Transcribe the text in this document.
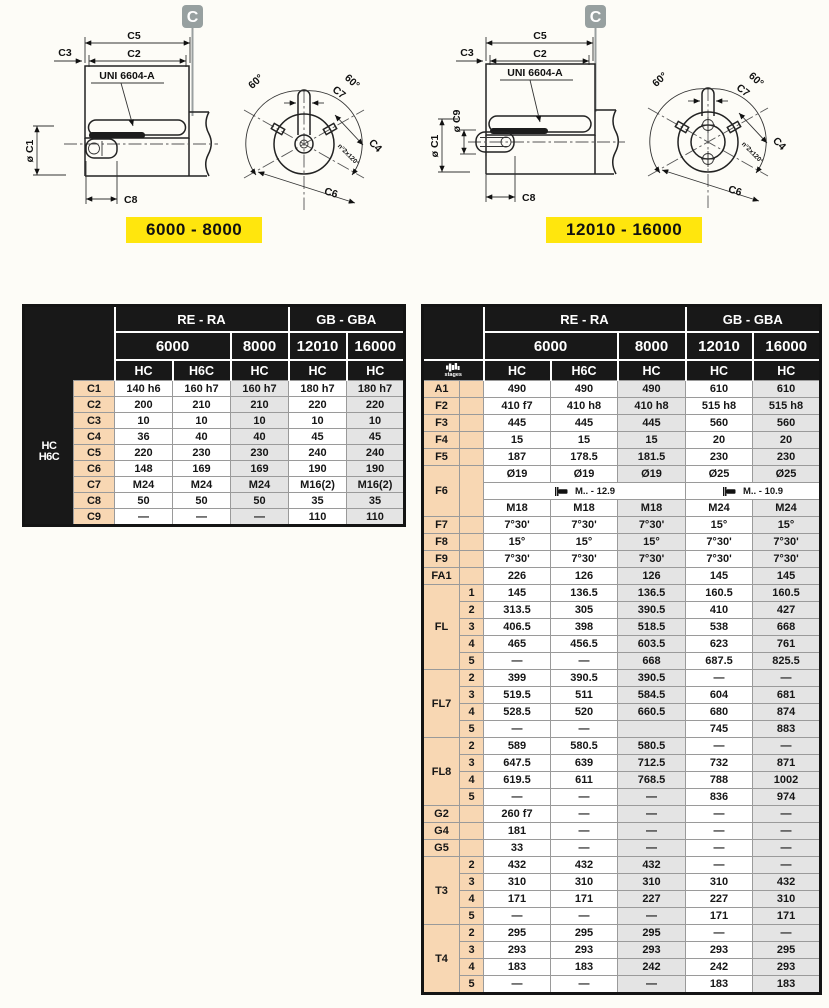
C
C5
C2
C3
ø C1
C8
UNI 6604-A	60°	60°
C7
C4
n°2x120°
C6
C
C5
C2
C3
ø C1
ø C9
C8
UNI 6604-A	60°	60°
C7
C4
n°2x120°
C6
6000 - 8000	12010 - 16000
		RE - RA			GB - GBA	
		6000		8000	12010	16000
		HC	H6C	HC	HC	HC

HC
H6C	C1	140 h6	160 h7	160 h7	180 h7	180 h7
	C2	200	210	210	220	220
	C3	10	10	10	10	10
	C4	36	40	40	45	45
	C5	220	230	230	240	240
	C6	148	169	169	190	190
	C7	M24	M24	M24	M16(2)	M16(2)
	C8	50	50	50	35	35
	C9	—	—	—	110	110
		RE - RA			GB - GBA	
		6000		8000	12010	16000

stages		HC	H6C	HC	HC	HC
A1		490	490	490	610	610
F2		410 f7	410 h8	410 h8	515 h8	515 h8
F3		445	445	445	560	560
F4		15	15	15	20	20
F5		187	178.5	181.5	230	230
F6		Ø19	Ø19	Ø19	Ø25	Ø25

		M.. - 12.9			M.. - 10.9	

		M18	M18	M18	M24	M24
F7		7°30'	7°30'	7°30'	15°	15°
F8		15°	15°	15°	7°30'	7°30'
F9		7°30'	7°30'	7°30'	7°30'	7°30'
FA1		226	126	126	145	145
FL	1	145	136.5	136.5	160.5	160.5
	2	313.5	305	390.5	410	427
	3	406.5	398	518.5	538	668
	4	465	456.5	603.5	623	761
	5	—	—	668	687.5	825.5
FL7	2	399	390.5	390.5	—	—
	3	519.5	511	584.5	604	681
	4	528.5	520	660.5	680	874
	5	—	—		745	883
FL8	2	589	580.5	580.5	—	—
	3	647.5	639	712.5	732	871
	4	619.5	611	768.5	788	1002
	5	—	—	—	836	974
G2		260 f7	—	—	—	—
G4		181	—	—	—	—
G5		33	—	—	—	—
T3	2	432	432	432	—	—
	3	310	310	310	310	432
	4	171	171	227	227	310
	5	—	—	—	171	171
T4	2	295	295	295	—	—
	3	293	293	293	293	295
	4	183	183	242	242	293
	5	—	—	—	183	183
